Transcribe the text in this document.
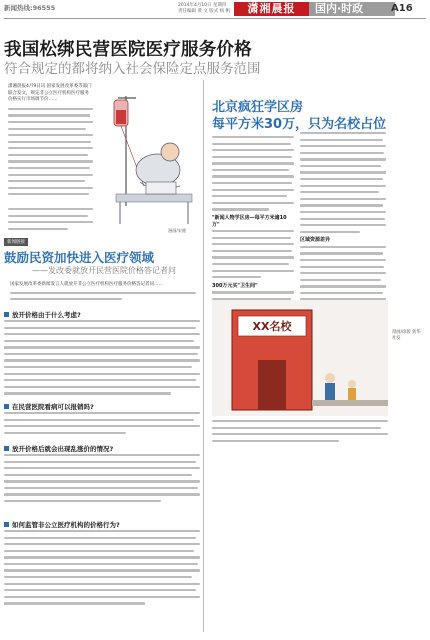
新闻热线:96555	2014年4月10日 星期四
责任编辑 黄 文 版式 杨 帆	潇湘晨报	国内·时政	A16
我国松绑民营医院医疗服务价格
符合规定的都将纳入社会保险定点服务范围
潇湘晨报4月9日讯 国家发展改革委等部门联合发文，规定非公立医疗机构医疗服务价格实行市场调节价……
漫画/宋健
新闻链接
鼓励民资加快进入医疗领域
——发改委就放开民营医院价格答记者问
国家发展改革委新闻发言人就放开非公立医疗机构医疗服务价格答记者问……
放开价格由于什么考虑?
在民营医院看病可以报销吗?
放开价格后就会出现乱涨价的情况?
如何监管非公立医疗机构的价格行为?
北京疯狂学区房
每平方米30万，只为名校占位
"新闻人物学区房—每平方米逾10万"
300万元买"卫生间"
区域资源差异
XX名校	漫画/徐骏 新华社发
